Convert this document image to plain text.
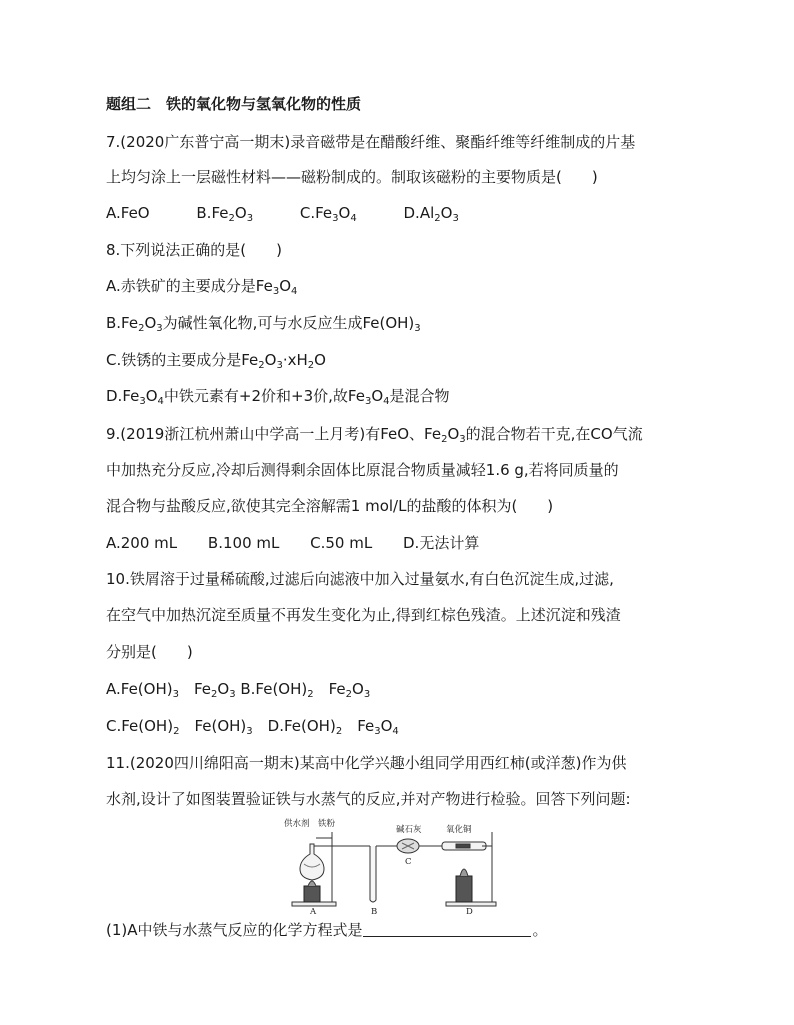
题组二　铁的氧化物与氢氧化物的性质
7.(2020广东普宁高一期末)录音磁带是在醋酸纤维、聚酯纤维等纤维制成的片基
上均匀涂上一层磁性材料——磁粉制成的。制取该磁粉的主要物质是(　　)
A.FeO	$B.Fe_2O_3$	$C.Fe_3O_4$	$D.Al_2O_3$
8.下列说法正确的是(　　)
A.赤铁矿的主要成分是$Fe_3O_4$
$B.Fe_2O_3$为碱性氧化物,可与水反应生成$Fe(OH)_3$
C.铁锈的主要成分是$Fe_2O_3\cdot xH_2O$
$D.Fe_3O_4$中铁元素有+2价和+3价,故$Fe_3O_4$是混合物
9.(2019浙江杭州萧山中学高一上月考)有FeO、$Fe_2O_3$的混合物若干克,在CO气流
中加热充分反应,冷却后测得剩余固体比原混合物质量减轻1.6 g,若将同质量的
混合物与盐酸反应,欲使其完全溶解需1 mol/L的盐酸的体积为(　　)
A.200 mL B.100 mL C.50 mL D.无法计算
10.铁屑溶于过量稀硫酸,过滤后向滤液中加入过量氨水,有白色沉淀生成,过滤,
在空气中加热沉淀至质量不再发生变化为止,得到红棕色残渣。上述沉淀和残渣
分别是(　　)
$A.Fe(OH)_3$　$Fe_2O_3$ $B.Fe(OH)_2$　$Fe_2O_3$
$C.Fe(OH)_2$　$Fe(OH)_3$　$D.Fe(OH)_2$　$Fe_3O_4$
11.(2020四川绵阳高一期末)某高中化学兴趣小组同学用西红柿(或洋葱)作为供
水剂,设计了如图装置验证铁与水蒸气的反应,并对产物进行检验。回答下列问题:
供水剂 铁粉
碱石灰	氧化铜
A	B
C
D
(1)A中铁与水蒸气反应的化学方程式是	。
